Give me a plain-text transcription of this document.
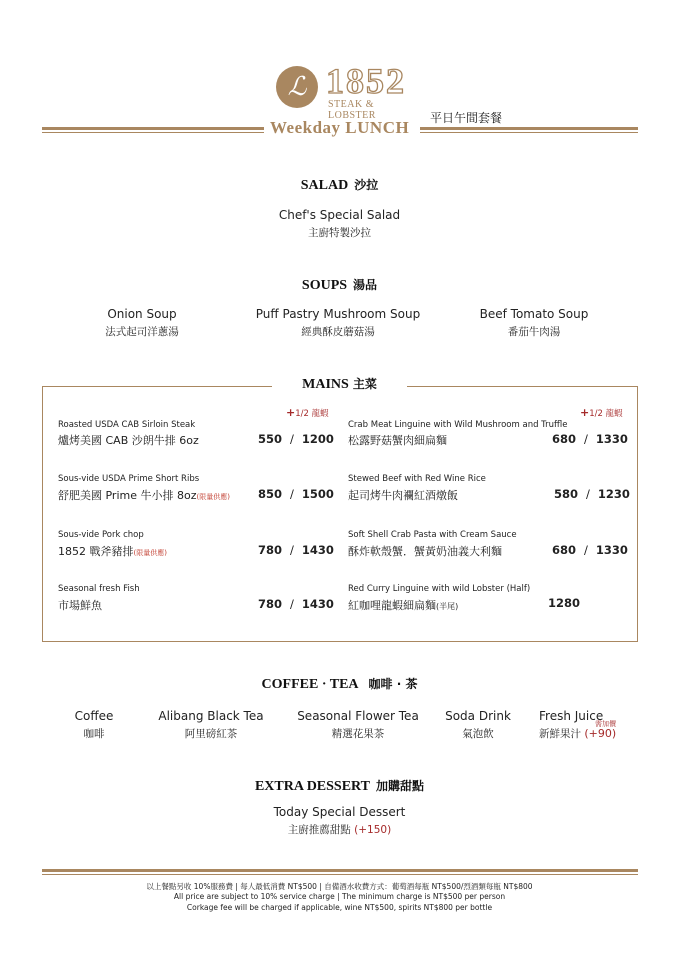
ℒ 1852
STEAK & LOBSTER
Weekday LUNCH 平日午間套餐
SALAD 沙拉
Chef's Special Salad
主廚特製沙拉
SOUPS 湯品
Onion Soup
法式起司洋蔥湯
Puff Pastry Mushroom Soup
經典酥皮蘑菇湯
Beef Tomato Soup
番茄牛肉湯
MAINS 主菜
+1/2 龍蝦	+1/2 龍蝦
Roasted USDA CAB Sirloin Steak
爐烤美國 CAB 沙朗牛排 6oz	550 / 1200
Sous-vide USDA Prime Short Ribs
舒肥美國 Prime 牛小排 8oz(限量供應) 850 / 1500
Sous-vide Pork chop
1852 戰斧豬排(限量供應)	780 / 1430
Seasonal fresh Fish
市場鮮魚	780 / 1430
Crab Meat Linguine with Wild Mushroom and Truffle
松露野菇蟹肉細扁麵	680 / 1330
Stewed Beef with Red Wine Rice
起司烤牛肉襴紅酒燉飯	580 / 1230
Soft Shell Crab Pasta with Cream Sauce
酥炸軟殼蟹．蟹黃奶油義大利麵	680 / 1330
Red Curry Linguine with wild Lobster (Half)
紅咖哩龍蝦細扁麵(半尾)	1280
COFFEE · TEA 咖啡 · 茶
Coffee
咖啡
Alibang Black Tea
阿里磅紅茶
Seasonal Flower Tea
精選花果茶
Soda Drink
氣泡飲
Fresh Juice
新鮮果汁 (+90)
需加價
EXTRA DESSERT 加購甜點
Today Special Dessert
主廚推薦甜點 (+150)
以上餐點另收 10%服務費 | 每人最低消費 NT$500 | 自備酒水收費方式：葡萄酒每瓶 NT$500/烈酒類每瓶 NT$800
All price are subject to 10% service charge | The minimum charge is NT$500 per person
Corkage fee will be charged if applicable, wine NT$500, spirits NT$800 per bottle
